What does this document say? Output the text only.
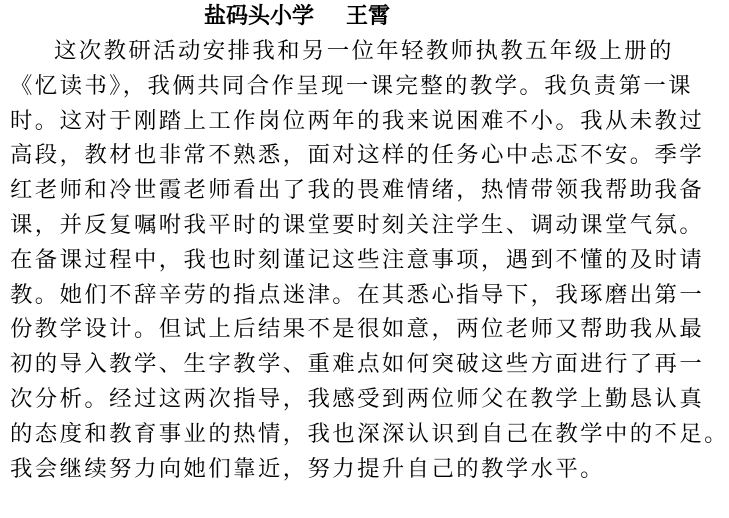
盐码头小学 王霄
这次教研活动安排我和另一位年轻教师执教五年级上册的
《忆读书》，我俩共同合作呈现一课完整的教学。我负责第一课
时。这对于刚踏上工作岗位两年的我来说困难不小。我从未教过
高段，教材也非常不熟悉，面对这样的任务心中忐忑不安。季学
红老师和冷世霞老师看出了我的畏难情绪，热情带领我帮助我备
课，并反复嘱咐我平时的课堂要时刻关注学生、调动课堂气氛。
在备课过程中，我也时刻谨记这些注意事项，遇到不懂的及时请
教。她们不辞辛劳的指点迷津。在其悉心指导下，我琢磨出第一
份教学设计。但试上后结果不是很如意，两位老师又帮助我从最
初的导入教学、生字教学、重难点如何突破这些方面进行了再一
次分析。经过这两次指导，我感受到两位师父在教学上勤恳认真
的态度和教育事业的热情，我也深深认识到自己在教学中的不足。
我会继续努力向她们靠近，努力提升自己的教学水平。
